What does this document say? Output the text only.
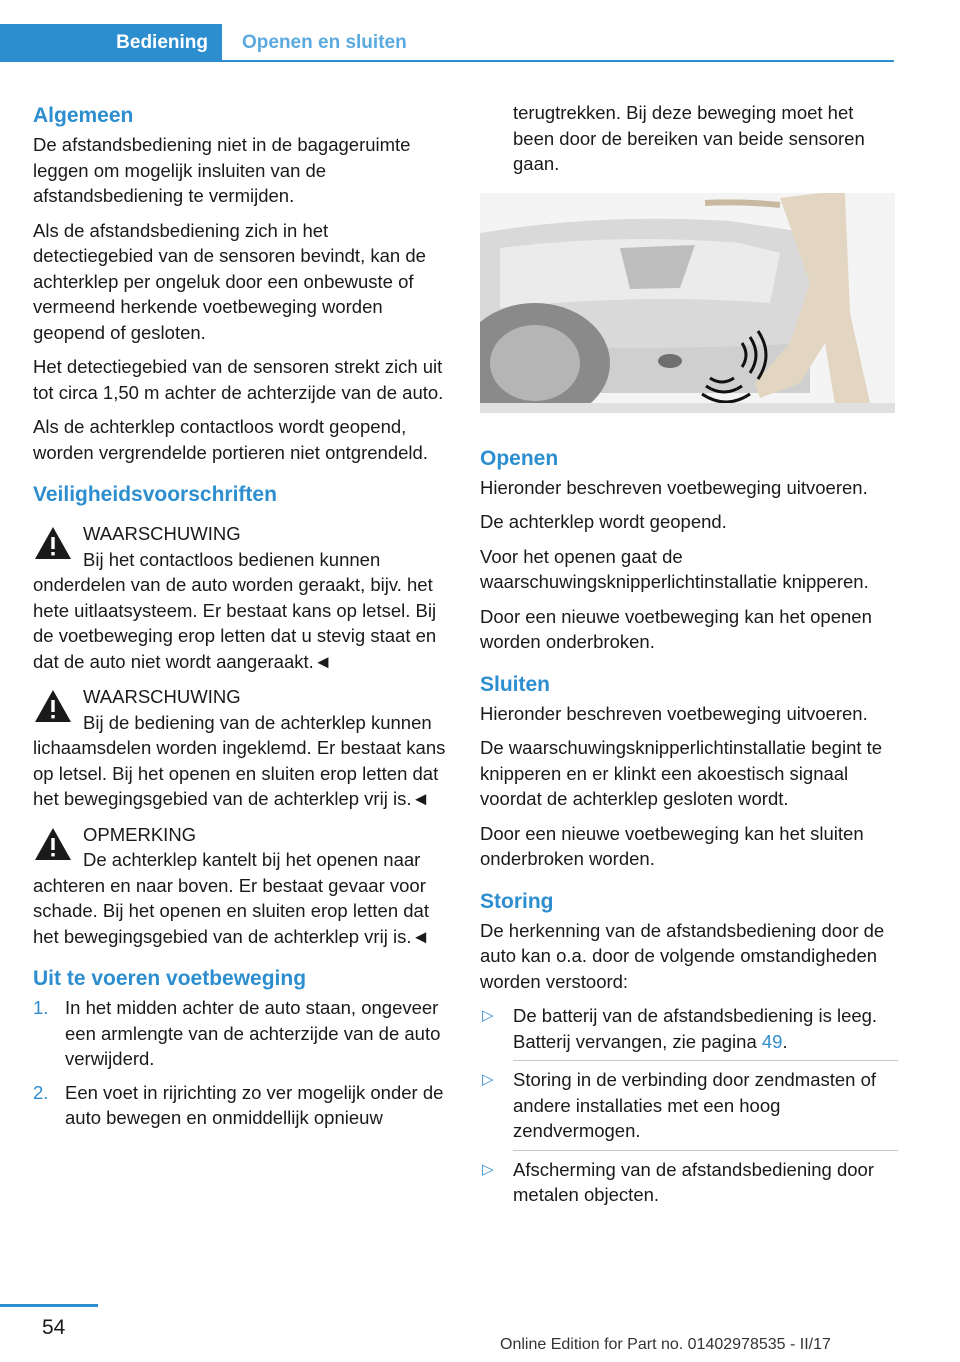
Bediening Openen en sluiten
Algemeen

De afstandsbediening niet in de bagageruimte leggen om mogelijk insluiten van de afstandsbediening te vermijden.

Als de afstandsbediening zich in het detectiegebied van de sensoren bevindt, kan de achterklep per ongeluk door een onbewuste of vermeend herkende voetbeweging worden geopend of gesloten.

Het detectiegebied van de sensoren strekt zich uit tot circa 1,50 m achter de achterzijde van de auto.

Als de achterklep contactloos wordt geopend, worden vergrendelde portieren niet ontgrendeld.

Veiligheidsvoorschriften
WAARSCHUWING
Bij het contactloos bedienen kunnen onderdelen van de auto worden geraakt, bijv. het hete uitlaatsysteem. Er bestaat kans op letsel. Bij de voetbeweging erop letten dat u stevig staat en dat de auto niet wordt aangeraakt.◄
WAARSCHUWING
Bij de bediening van de achterklep kunnen lichaamsdelen worden ingeklemd. Er bestaat kans op letsel. Bij het openen en sluiten erop letten dat het bewegingsgebied van de achterklep vrij is.◄
OPMERKING
De achterklep kantelt bij het openen naar achteren en naar boven. Er bestaat gevaar voor schade. Bij het openen en sluiten erop letten dat het bewegingsgebied van de achterklep vrij is.◄
Uit te voeren voetbeweging
1. In het midden achter de auto staan, ongeveer een armlengte van de achterzijde van de auto verwijderd.
2. Een voet in rijrichting zo ver mogelijk onder de auto bewegen en onmiddellijk opnieuw

terugtrekken. Bij deze beweging moet het been door de bereiken van beide sensoren gaan.

Openen

Hieronder beschreven voetbeweging uitvoeren.

De achterklep wordt geopend.

Voor het openen gaat de waarschuwingsknipperlichtinstallatie knipperen.

Door een nieuwe voetbeweging kan het openen worden onderbroken.

Sluiten

Hieronder beschreven voetbeweging uitvoeren.

De waarschuwingsknipperlichtinstallatie begint te knipperen en er klinkt een akoestisch signaal voordat de achterklep gesloten wordt.

Door een nieuwe voetbeweging kan het sluiten onderbroken worden.

Storing

De herkenning van de afstandsbediening door de auto kan o.a. door de volgende omstandigheden worden verstoord:

▷ De batterij van de afstandsbediening is leeg. Batterij vervangen, zie pagina 49.
▷ Storing in de verbinding door zendmasten of andere installaties met een hoog zendvermogen.
▷ Afscherming van de afstandsbediening door metalen objecten.
54
Online Edition for Part no. 01402978535 - II/17
